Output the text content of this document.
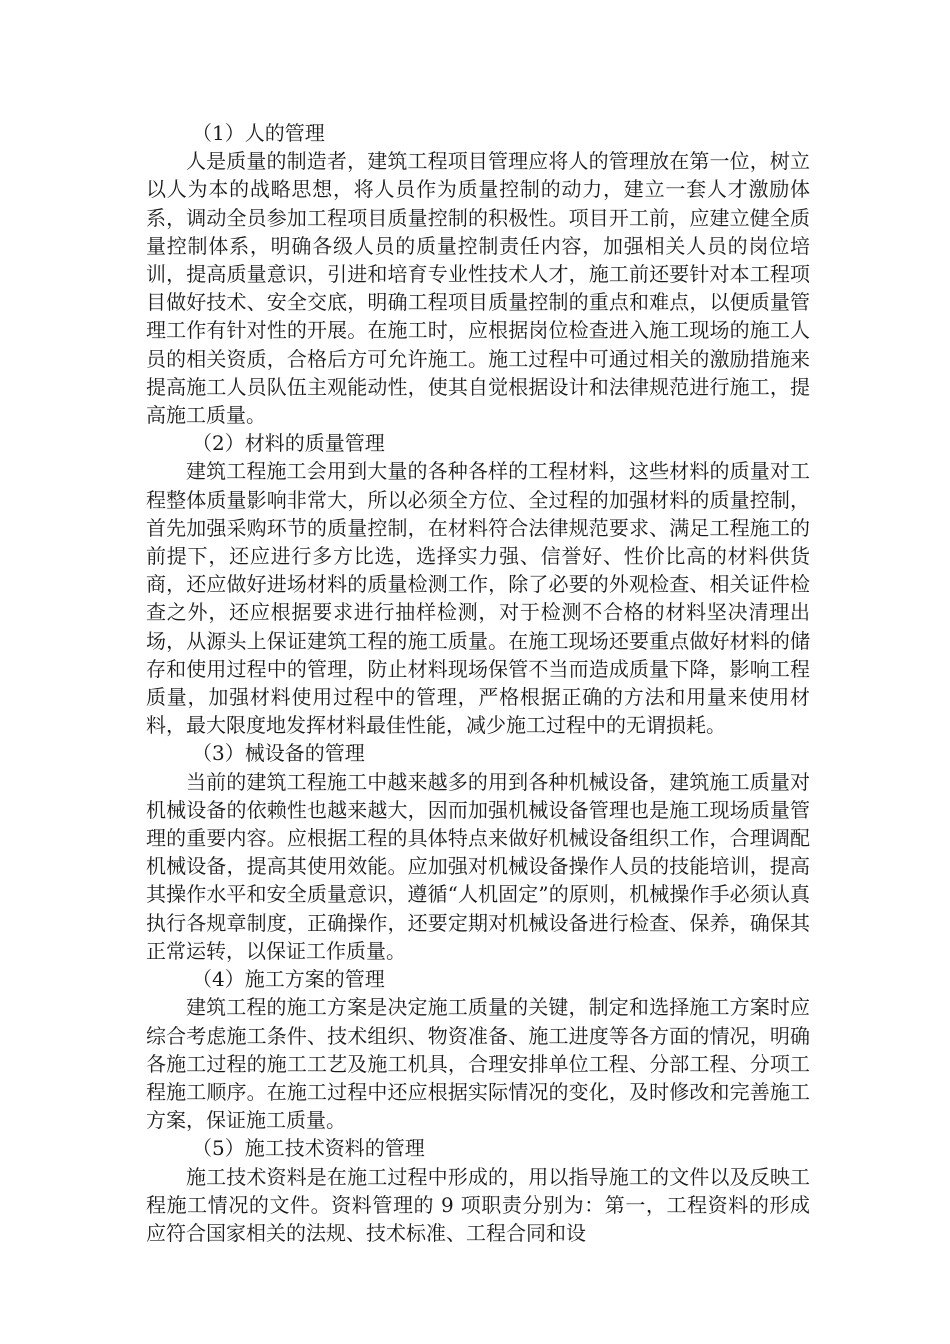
（1）人的管理

人是质量的制造者，建筑工程项目管理应将人的管理放在第一位，树立以人为本的战略思想，将人员作为质量控制的动力，建立一套人才激励体系，调动全员参加工程项目质量控制的积极性。项目开工前，应建立健全质量控制体系，明确各级人员的质量控制责任内容，加强相关人员的岗位培训，提高质量意识，引进和培育专业性技术人才，施工前还要针对本工程项目做好技术、安全交底，明确工程项目质量控制的重点和难点，以便质量管理工作有针对性的开展。在施工时，应根据岗位检查进入施工现场的施工人员的相关资质，合格后方可允许施工。施工过程中可通过相关的激励措施来提高施工人员队伍主观能动性，使其自觉根据设计和法律规范进行施工，提高施工质量。

（2）材料的质量管理

建筑工程施工会用到大量的各种各样的工程材料，这些材料的质量对工程整体质量影响非常大，所以必须全方位、全过程的加强材料的质量控制，首先加强采购环节的质量控制，在材料符合法律规范要求、满足工程施工的前提下，还应进行多方比选，选择实力强、信誉好、性价比高的材料供货商，还应做好进场材料的质量检测工作，除了必要的外观检查、相关证件检查之外，还应根据要求进行抽样检测，对于检测不合格的材料坚决清理出场，从源头上保证建筑工程的施工质量。在施工现场还要重点做好材料的储存和使用过程中的管理，防止材料现场保管不当而造成质量下降，影响工程质量，加强材料使用过程中的管理，严格根据正确的方法和用量来使用材料，最大限度地发挥材料最佳性能，减少施工过程中的无谓损耗。

（3）械设备的管理

当前的建筑工程施工中越来越多的用到各种机械设备，建筑施工质量对机械设备的依赖性也越来越大，因而加强机械设备管理也是施工现场质量管理的重要内容。应根据工程的具体特点来做好机械设备组织工作，合理调配机械设备，提高其使用效能。应加强对机械设备操作人员的技能培训，提高其操作水平和安全质量意识，遵循“人机固定”的原则，机械操作手必须认真执行各规章制度，正确操作，还要定期对机械设备进行检查、保养，确保其正常运转，以保证工作质量。

（4）施工方案的管理

建筑工程的施工方案是决定施工质量的关键，制定和选择施工方案时应综合考虑施工条件、技术组织、物资准备、施工进度等各方面的情况，明确各施工过程的施工工艺及施工机具，合理安排单位工程、分部工程、分项工程施工顺序。在施工过程中还应根据实际情况的变化，及时修改和完善施工方案，保证施工质量。

（5）施工技术资料的管理

施工技术资料是在施工过程中形成的，用以指导施工的文件以及反映工程施工情况的文件。资料管理的 9 项职责分别为：第一，工程资料的形成应符合国家相关的法规、技术标准、工程合同和设
